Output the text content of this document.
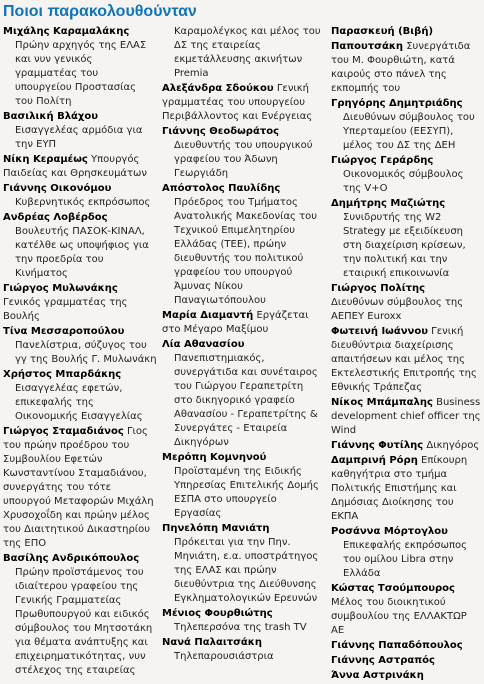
Ποιοι παρακολουθούνταν
Μιχάλης Καραμαλάκης
Πρώην αρχηγός της ΕΛΑΣ και νυν γενικός γραμματέας του υπουργείου Προστασίας του Πολίτη
Βασιλική Βλάχου
Εισαγγελέας αρμόδια για την ΕΥΠ
Νίκη Κεραμέως Υπουργός Παιδείας και Θρησκευμάτων
Γιάννης Οικονόμου
Κυβερνητικός εκπρόσωπος
Ανδρέας Λοβέρδος
Βουλευτής ΠΑΣΟΚ-ΚΙΝΑΛ, κατέλθε ως υποψήφιος για την προεδρία του Κινήματος
Γιώργος Μυλωνάκης Γενικός γραμματέας της Βουλής
Τίνα Μεσσαροπούλου
Πανελίστρια, σύζυγος του γγ της Βουλής Γ. Μυλωνάκη
Χρήστος Μπαρδάκης
Εισαγγελέας εφετών, επικεφαλής της Οικονομικής Εισαγγελίας
Γιώργος Σταμαδιάνος Γιος του πρώην προέδρου του Συμβουλίου Εφετών Κωνσταντίνου Σταμαδιάνου, συνεργάτης του τότε υπουργού Μεταφορών Μιχάλη Χρυσοχοΐδη και πρώην μέλος του Διαιτητικού Δικαστηρίου της ΕΠΟ
Βασίλης Ανδρικόπουλος
Πρώην προϊστάμενος του ιδιαίτερου γραφείου της Γενικής Γραμματείας Πρωθυπουργού και ειδικός σύμβουλος του Μητσοτάκη για θέματα ανάπτυξης και επιχειρηματικότητας, νυν στέλεχος της εταιρείας
Καραμολέγκος και μέλος του ΔΣ της εταιρείας εκμετάλλευσης ακινήτων Premia
Αλεξάνδρα Σδούκου Γενική γραμματέας του υπουργείου Περιβάλλοντος και Ενέργειας
Γιάννης Θεοδωράτος
Διευθυντής του υπουργικού γραφείου του Άδωνη Γεωργιάδη
Απόστολος Παυλίδης
Πρόεδρος του Τμήματος Ανατολικής Μακεδονίας του Τεχνικού Επιμελητηρίου Ελλάδας (ΤΕΕ), πρώην διευθυντής του πολιτικού γραφείου του υπουργού Άμυνας Νίκου Παναγιωτόπουλου
Μαρία Διαμαντή Εργάζεται στο Μέγαρο Μαξίμου
Λία Αθανασίου
Πανεπιστημιακός, συνεργάτιδα και συνέταιρος του Γιώργου Γεραπετρίτη στο δικηγορικό γραφείο Αθανασίου - Γεραπετρίτης & Συνεργάτες - Εταιρεία Δικηγόρων
Μερόπη Κομνηνού
Προϊσταμένη της Ειδικής Υπηρεσίας Επιτελικής Δομής ΕΣΠΑ στο υπουργείο Εργασίας
Πηνελόπη Μανιάτη
Πρόκειται για την Πην. Μηνιάτη, ε.α. υποστράτηγος της ΕΛΑΣ και πρώην διευθύντρια της Διεύθυνσης Εγκληματολογικών Ερευνών
Μένιος Φουρθιώτης
Τηλεπερσόνα της trash TV
Νανά Παλαιτσάκη
Τηλεπαρουσιάστρια
Παρασκευή (Βιβή)
Παπουτσάκη Συνεργάτιδα του Μ. Φουρθιώτη, κατά καιρούς στο πάνελ της εκπομπής του
Γρηγόρης Δημητριάδης
Διευθύνων σύμβουλος του Υπερταμείου (ΕΕΣΥΠ), μέλος του ΔΣ της ΔΕΗ
Γιώργος Γεράρδης
Οικονομικός σύμβουλος της V+O
Δημήτρης Μαζιώτης
Συνιδρυτής της W2 Strategy με εξειδίκευση στη διαχείριση κρίσεων, την πολιτική και την εταιρική επικοινωνία
Γιώργος Πολίτης Διευθύνων σύμβουλος της ΑΕΠΕΥ Euroxx
Φωτεινή Ιωάννου Γενική διευθύντρια διαχείρισης απαιτήσεων και μέλος της Εκτελεστικής Επιτροπής της Εθνικής Τράπεζας
Νίκος Μπάμπαλης Business development chief officer της Wind
Γιάννης Φυτίλης Δικηγόρος
Δαμπρινή Ρόρη Επίκουρη καθηγήτρια στο τμήμα Πολιτικής Επιστήμης και Δημόσιας Διοίκησης του ΕΚΠΑ
Ροσάννα Μόρτογλου
Επικεφαλής εκπρόσωπος του ομίλου Libra στην Ελλάδα
Κώστας Τσούμπουρος Μέλος του διοικητικού συμβουλίου της ΕΛΛΑΚΤΩΡ ΑΕ
Γιάννης Παπαδόπουλος
Γιάννης Αστραπός
Άννα Αστρινάκη
